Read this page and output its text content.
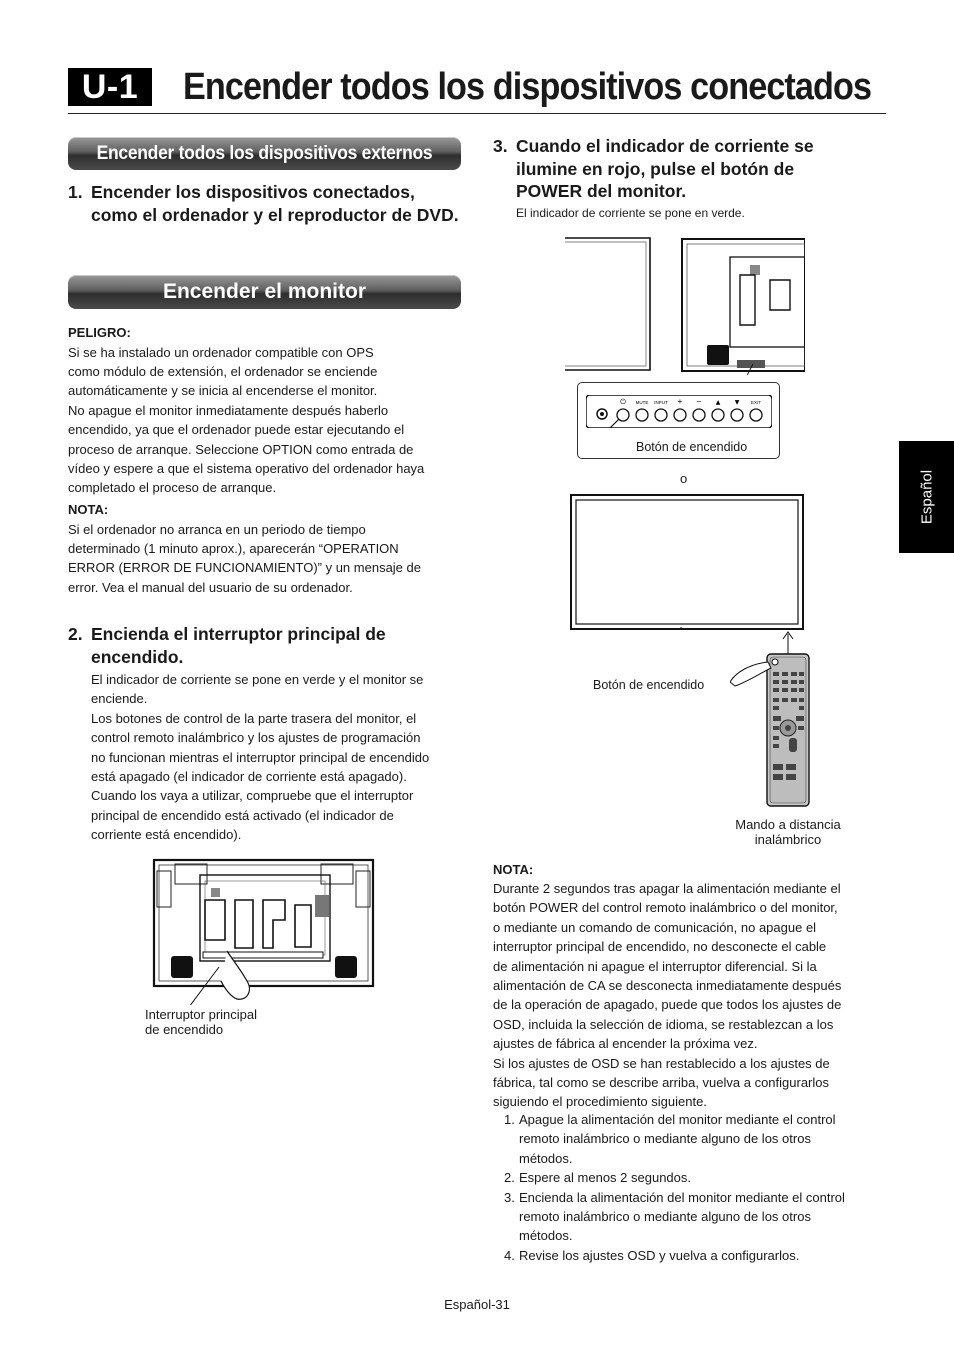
U-1	Encender todos los dispositivos conectados
Encender todos los dispositivos externos
1. Encender los dispositivos conectados, como el ordenador y el reproductor de DVD.
Encender el monitor
PELIGRO:

Si se ha instalado un ordenador compatible con OPS

como módulo de extensión, el ordenador se enciende

automáticamente y se inicia al encenderse el monitor.

No apague el monitor inmediatamente después haberlo

encendido, ya que el ordenador puede estar ejecutando el

proceso de arranque. Seleccione OPTION como entrada de

vídeo y espere a que el sistema operativo del ordenador haya

completado el proceso de arranque.

NOTA:

Si el ordenador no arranca en un periodo de tiempo

determinado (1 minuto aprox.), aparecerán “OPERATION

ERROR (ERROR DE FUNCIONAMIENTO)” y un mensaje de

error. Vea el manual del usuario de su ordenador.

2. Encienda el interruptor principal de encendido.

El indicador de corriente se pone en verde y el monitor se

enciende.

Los botones de control de la parte trasera del monitor, el

control remoto inalámbrico y los ajustes de programación

no funcionan mientras el interruptor principal de encendido

está apagado (el indicador de corriente está apagado).

Cuando los vaya a utilizar, compruebe que el interruptor

principal de encendido está activado (el indicador de

corriente está encendido).

Interruptor principal
de encendido
3. Cuando el indicador de corriente se ilumine en rojo, pulse el botón de POWER del monitor.
El indicador de corriente se pone en verde.
⏻ MUTE INPUT + − ▲ ▼	EXIT
Botón de encendido
o
Botón de encendido
Mando a distancia
inalámbrico
NOTA:

Durante 2 segundos tras apagar la alimentación mediante el

botón POWER del control remoto inalámbrico o del monitor,

o mediante un comando de comunicación, no apague el

interruptor principal de encendido, no desconecte el cable

de alimentación ni apague el interruptor diferencial. Si la

alimentación de CA se desconecta inmediatamente después

de la operación de apagado, puede que todos los ajustes de

OSD, incluida la selección de idioma, se restablezcan a los

ajustes de fábrica al encender la próxima vez.

Si los ajustes de OSD se han restablecido a los ajustes de

fábrica, tal como se describe arriba, vuelva a configurarlos

siguiendo el procedimiento siguiente.

1. Apague la alimentación del monitor mediante el control

remoto inalámbrico o mediante alguno de los otros

métodos.

2. Espere al menos 2 segundos.

3. Encienda la alimentación del monitor mediante el control

remoto inalámbrico o mediante alguno de los otros

métodos.

4. Revise los ajustes OSD y vuelva a configurarlos.

Español
Español-31
